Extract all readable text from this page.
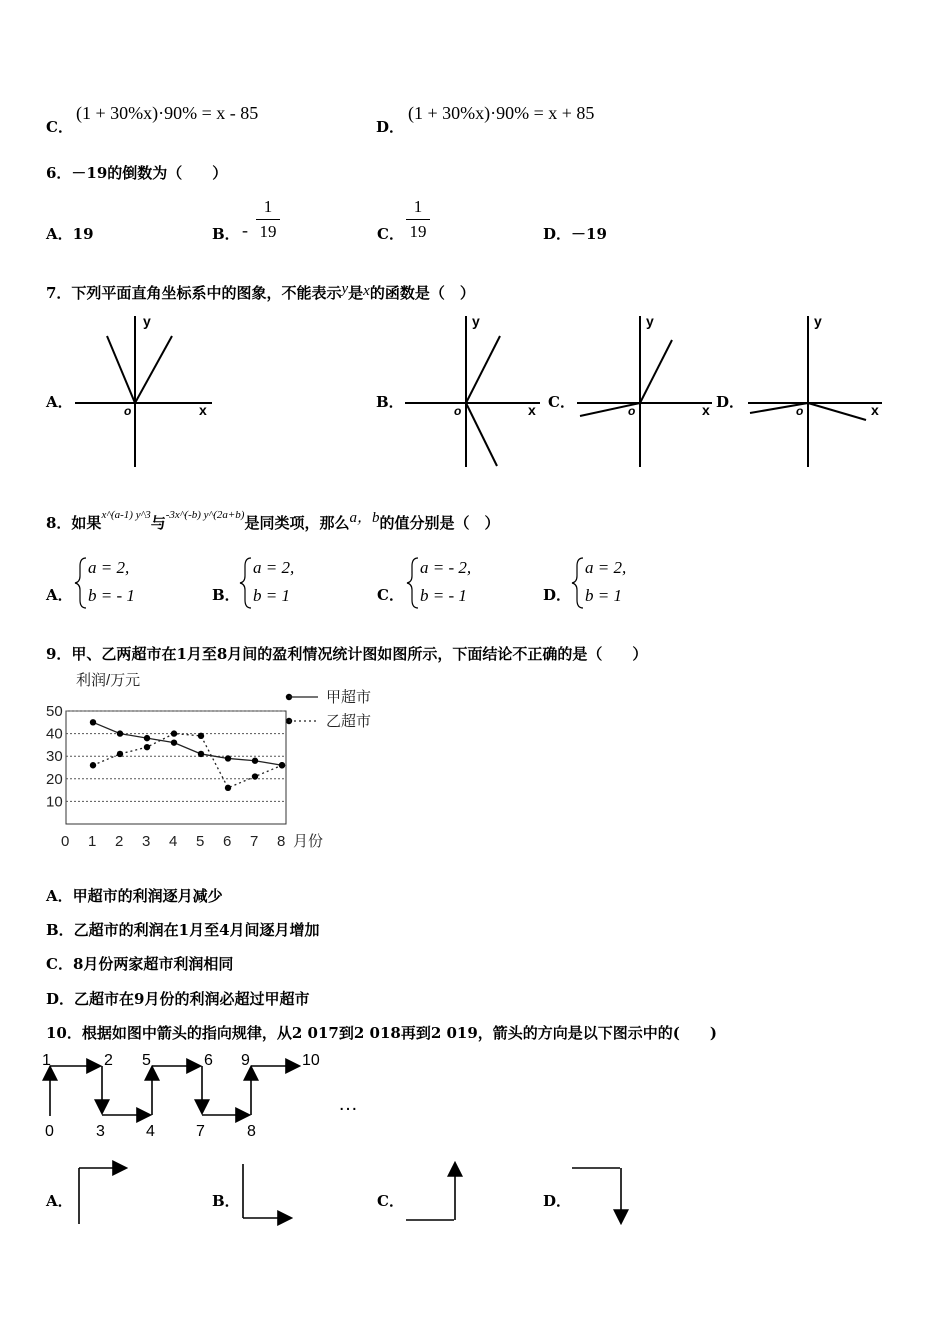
C．
(1 + 30%x)·90% = x - 85
D．
(1 + 30%x)·90% = x + 85
6．－19的倒数为（　　）
A．19	B． -
1
19	C．
1
19	D．－19
7．下列平面直角坐标系中的图象，不能表示y是x的函数是（　）
A．	B．	C．	D．
y
x
o
y
x
o
y
x
o
y
x
o
8．如果$^{x\^{}(a-1) y\^{}3}$与$^{-3x\^{}(-b) y\^{}(2a+b)}$是同类项，那么a，b的值分别是（　）
A．	B．	C．	D．
a = 2,
b = - 1
a = 2,
b = 1
a = - 2,
b = - 1
a = 2,
b = 1
9．甲、乙两超市在1月至8月间的盈利情况统计图如图所示，下面结论不正确的是（　　）
利润/万元
月份
甲超市
乙超市
10
20
30
40
50
0 1 2 3 4 5 6 7 8
A．甲超市的利润逐月减少
B．乙超市的利润在1月至4月间逐月增加
C．8月份两家超市利润相同
D．乙超市在9月份的利润必超过甲超市
10．根据如图中箭头的指向规律，从2 017到2 018再到2 019，箭头的方向是以下图示中的(　　)
0
1	2
3	4
5	6
7	8
9	10
…
A．	B．	C．	D．
